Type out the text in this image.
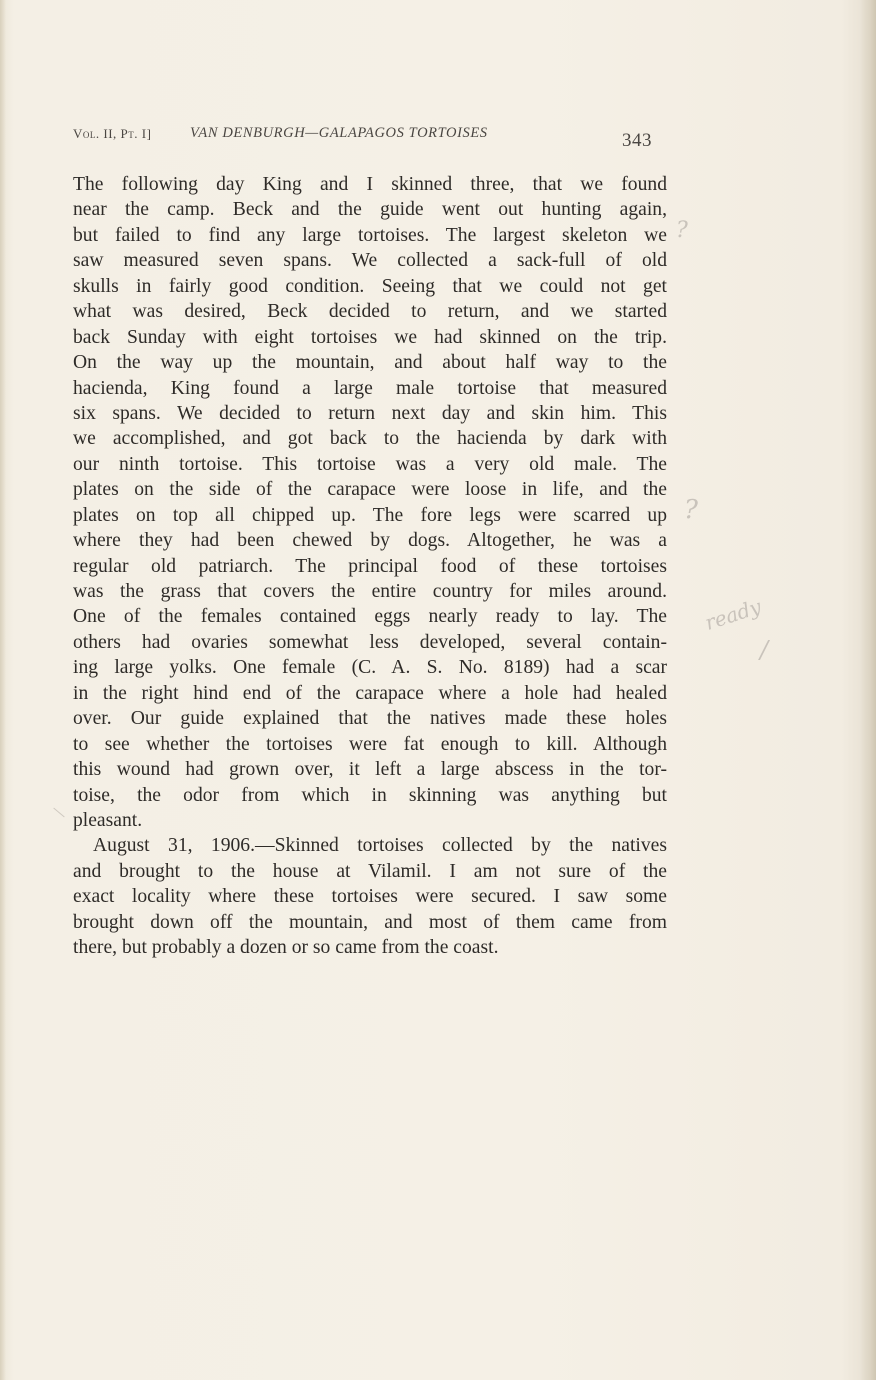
Vol. II, Pt. I]	VAN DENBURGH—GALAPAGOS TORTOISES	343
The following day King and I skinned three, that we found
near the camp. Beck and the guide went out hunting again,
but failed to find any large tortoises. The largest skeleton we
saw measured seven spans. We collected a sack-full of old
skulls in fairly good condition. Seeing that we could not get
what was desired, Beck decided to return, and we started
back Sunday with eight tortoises we had skinned on the trip.
On the way up the mountain, and about half way to the
hacienda, King found a large male tortoise that measured
six spans. We decided to return next day and skin him. This
we accomplished, and got back to the hacienda by dark with
our ninth tortoise. This tortoise was a very old male. The
plates on the side of the carapace were loose in life, and the
plates on top all chipped up. The fore legs were scarred up
where they had been chewed by dogs. Altogether, he was a
regular old patriarch. The principal food of these tortoises
was the grass that covers the entire country for miles around.
One of the females contained eggs nearly ready to lay. The
others had ovaries somewhat less developed, several contain-
ing large yolks. One female (C. A. S. No. 8189) had a scar
in the right hind end of the carapace where a hole had healed
over. Our guide explained that the natives made these holes
to see whether the tortoises were fat enough to kill. Although
this wound had grown over, it left a large abscess in the tor-
toise, the odor from which in skinning was anything but
pleasant.
August 31, 1906.—Skinned tortoises collected by the natives
and brought to the house at Vilamil. I am not sure of the
exact locality where these tortoises were secured. I saw some
brought down off the mountain, and most of them came from
there, but probably a dozen or so came from the coast.
?
?
ready
/
